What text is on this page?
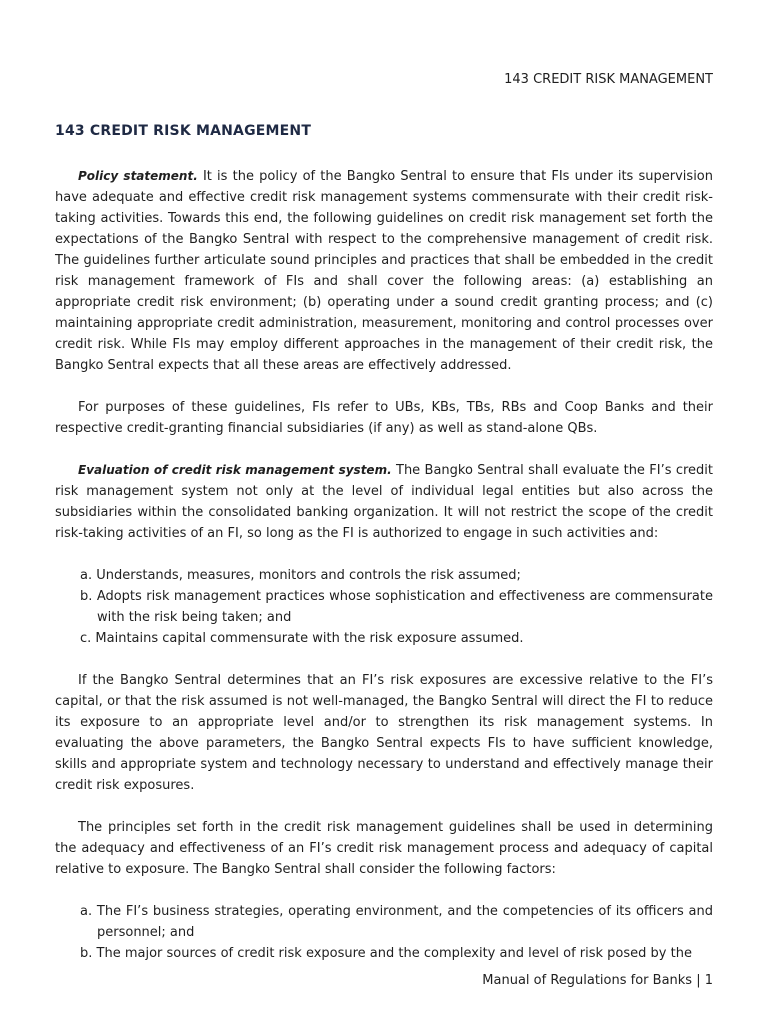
143 CREDIT RISK MANAGEMENT
143 CREDIT RISK MANAGEMENT

Policy statement. It is the policy of the Bangko Sentral to ensure that FIs under its supervision have adequate and effective credit risk management systems commensurate with their credit risk-taking activities. Towards this end, the following guidelines on credit risk management set forth the expectations of the Bangko Sentral with respect to the comprehensive management of credit risk. The guidelines further articulate sound principles and practices that shall be embedded in the credit risk management framework of FIs and shall cover the following areas: (a) establishing an appropriate credit risk environment; (b) operating under a sound credit granting process; and (c) maintaining appropriate credit administration, measurement, monitoring and control processes over credit risk. While FIs may employ different approaches in the management of their credit risk, the Bangko Sentral expects that all these areas are effectively addressed.

For purposes of these guidelines, FIs refer to UBs, KBs, TBs, RBs and Coop Banks and their respective credit-granting financial subsidiaries (if any) as well as stand-alone QBs.

Evaluation of credit risk management system. The Bangko Sentral shall evaluate the FI’s credit risk management system not only at the level of individual legal entities but also across the subsidiaries within the consolidated banking organization. It will not restrict the scope of the credit risk-taking activities of an FI, so long as the FI is authorized to engage in such activities and:

a. Understands, measures, monitors and controls the risk assumed;
b. Adopts risk management practices whose sophistication and effectiveness are commensurate with the risk being taken; and
c. Maintains capital commensurate with the risk exposure assumed.

If the Bangko Sentral determines that an FI’s risk exposures are excessive relative to the FI’s capital, or that the risk assumed is not well-managed, the Bangko Sentral will direct the FI to reduce its exposure to an appropriate level and/or to strengthen its risk management systems. In evaluating the above parameters, the Bangko Sentral expects FIs to have sufficient knowledge, skills and appropriate system and technology necessary to understand and effectively manage their credit risk exposures.

The principles set forth in the credit risk management guidelines shall be used in determining the adequacy and effectiveness of an FI’s credit risk management process and adequacy of capital relative to exposure. The Bangko Sentral shall consider the following factors:

a. The FI’s business strategies, operating environment, and the competencies of its officers and personnel; and
b. The major sources of credit risk exposure and the complexity and level of risk posed by the
Manual of Regulations for Banks | 1
